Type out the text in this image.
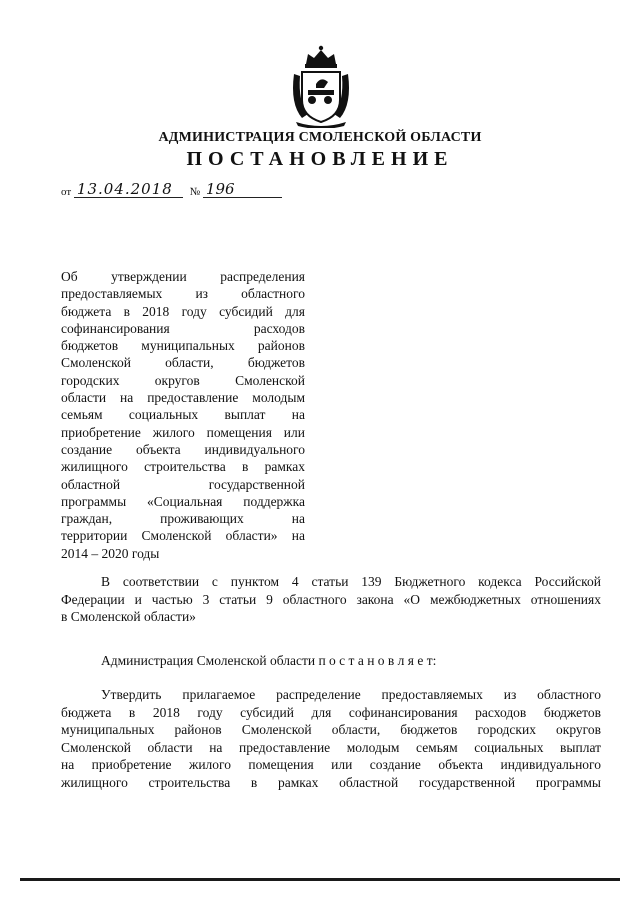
АДМИНИСТРАЦИЯ СМОЛЕНСКОЙ ОБЛАСТИ
ПОСТАНОВЛЕНИЕ
от 13.04.2018 № 196
Об утверждении распределения
предоставляемых из областного
бюджета в 2018 году субсидий для
софинансирования расходов
бюджетов муниципальных районов
Смоленской области, бюджетов
городских округов Смоленской
области на предоставление молодым
семьям социальных выплат на
приобретение жилого помещения или
создание объекта индивидуального
жилищного строительства в рамках
областной государственной
программы «Социальная поддержка
граждан, проживающих на
территории Смоленской области» на
2014 – 2020 годы
В соответствии с пунктом 4 статьи 139 Бюджетного кодекса Российской
Федерации и частью 3 статьи 9 областного закона «О межбюджетных отношениях
в Смоленской области»
Администрация Смоленской области п о с т а н о в л я е т:
Утвердить прилагаемое распределение предоставляемых из областного
бюджета в 2018 году субсидий для софинансирования расходов бюджетов
муниципальных районов Смоленской области, бюджетов городских округов
Смоленской области на предоставление молодым семьям социальных выплат
на приобретение жилого помещения или создание объекта индивидуального
жилищного строительства в рамках областной государственной программы
